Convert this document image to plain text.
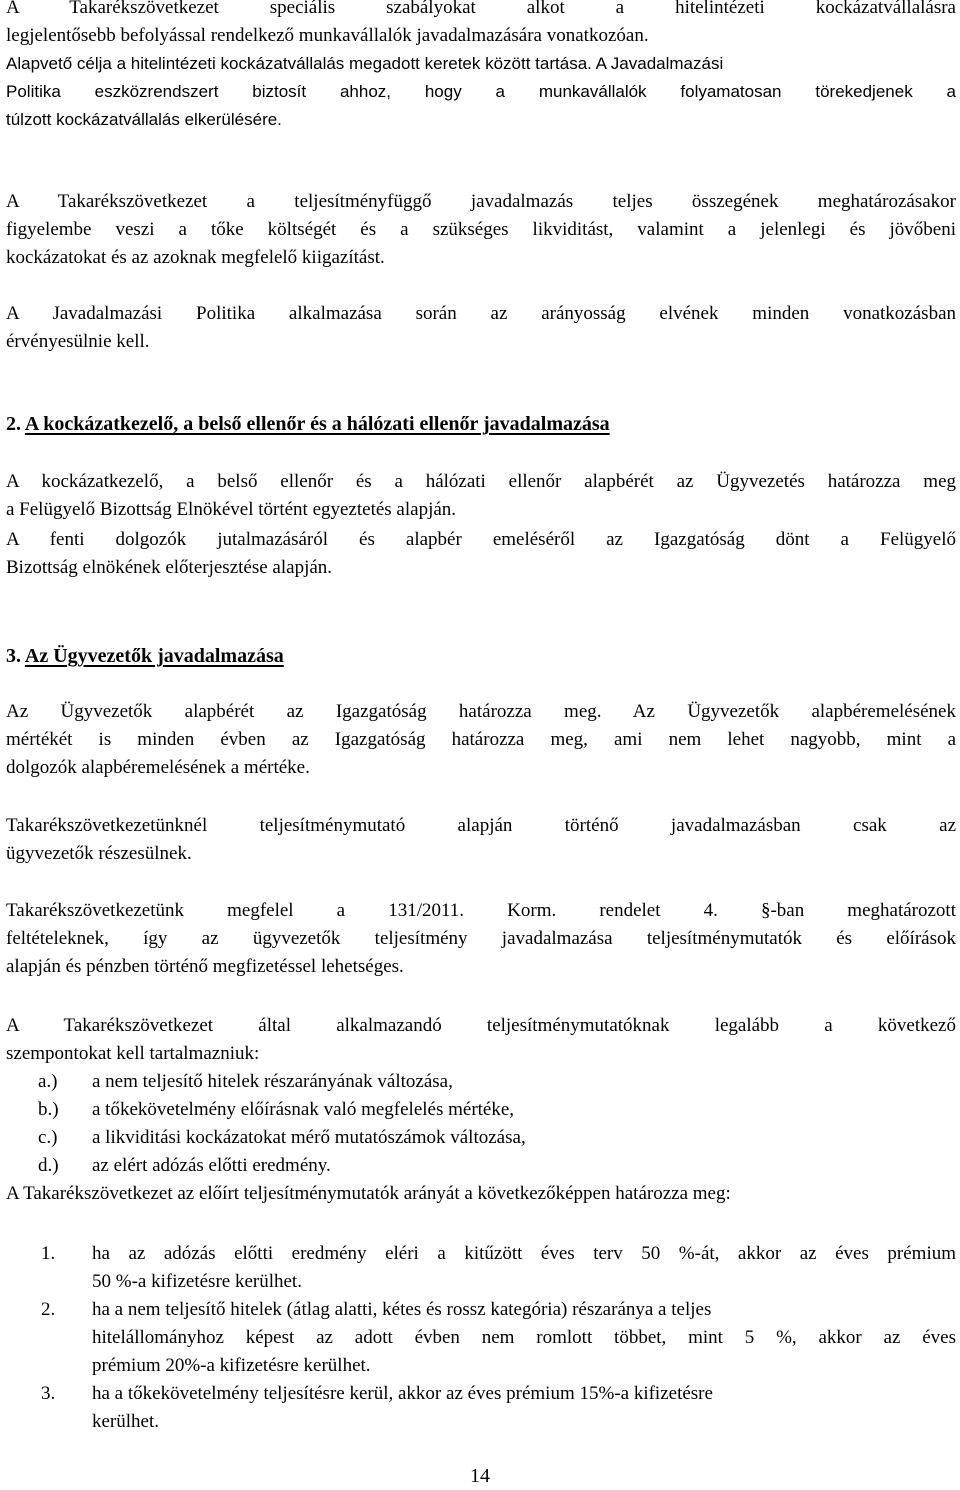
A Takarékszövetkezet speciális szabályokat alkot a hitelintézeti kockázatvállalásra
legjelentősebb befolyással rendelkező munkavállalók javadalmazására vonatkozóan.
Alapvető célja a hitelintézeti kockázatvállalás megadott keretek között tartása. A Javadalmazási
Politika eszközrendszert biztosít ahhoz, hogy a munkavállalók folyamatosan törekedjenek a
túlzott kockázatvállalás elkerülésére.
A Takarékszövetkezet a teljesítményfüggő javadalmazás teljes összegének meghatározásakor
figyelembe veszi a tőke költségét és a szükséges likviditást, valamint a jelenlegi és jövőbeni
kockázatokat és az azoknak megfelelő kiigazítást.
A Javadalmazási Politika alkalmazása során az arányosság elvének minden vonatkozásban
érvényesülnie kell.
2. A kockázatkezelő, a belső ellenőr és a hálózati ellenőr javadalmazása
A kockázatkezelő, a belső ellenőr és a hálózati ellenőr alapbérét az Ügyvezetés határozza meg
a Felügyelő Bizottság Elnökével történt egyeztetés alapján.
A fenti dolgozók jutalmazásáról és alapbér emeléséről az Igazgatóság dönt a Felügyelő
Bizottság elnökének előterjesztése alapján.
3. Az Ügyvezetők javadalmazása
Az Ügyvezetők alapbérét az Igazgatóság határozza meg. Az Ügyvezetők alapbéremelésének
mértékét is minden évben az Igazgatóság határozza meg, ami nem lehet nagyobb, mint a
dolgozók alapbéremelésének a mértéke.
Takarékszövetkezetünknél teljesítménymutató alapján történő javadalmazásban csak az
ügyvezetők részesülnek.
Takarékszövetkezetünk megfelel a 131/2011. Korm. rendelet 4. §-ban meghatározott
feltételeknek, így az ügyvezetők teljesítmény javadalmazása teljesítménymutatók és előírások
alapján és pénzben történő megfizetéssel lehetséges.
A Takarékszövetkezet által alkalmazandó teljesítménymutatóknak legalább a következő
szempontokat kell tartalmazniuk:
a.) a nem teljesítő hitelek részarányának változása,
b.) a tőkekövetelmény előírásnak való megfelelés mértéke,
c.) a likviditási kockázatokat mérő mutatószámok változása,
d.) az elért adózás előtti eredmény.
A Takarékszövetkezet az előírt teljesítménymutatók arányát a következőképpen határozza meg:
1. ha az adózás előtti eredmény eléri a kitűzött éves terv 50 %-át, akkor az éves prémium
50 %-a kifizetésre kerülhet.
2. ha a nem teljesítő hitelek (átlag alatti, kétes és rossz kategória) részaránya a teljes
hitelállományhoz képest az adott évben nem romlott többet, mint 5 %, akkor az éves
prémium 20%-a kifizetésre kerülhet.
3. ha a tőkekövetelmény teljesítésre kerül, akkor az éves prémium 15%-a kifizetésre
kerülhet.
14
